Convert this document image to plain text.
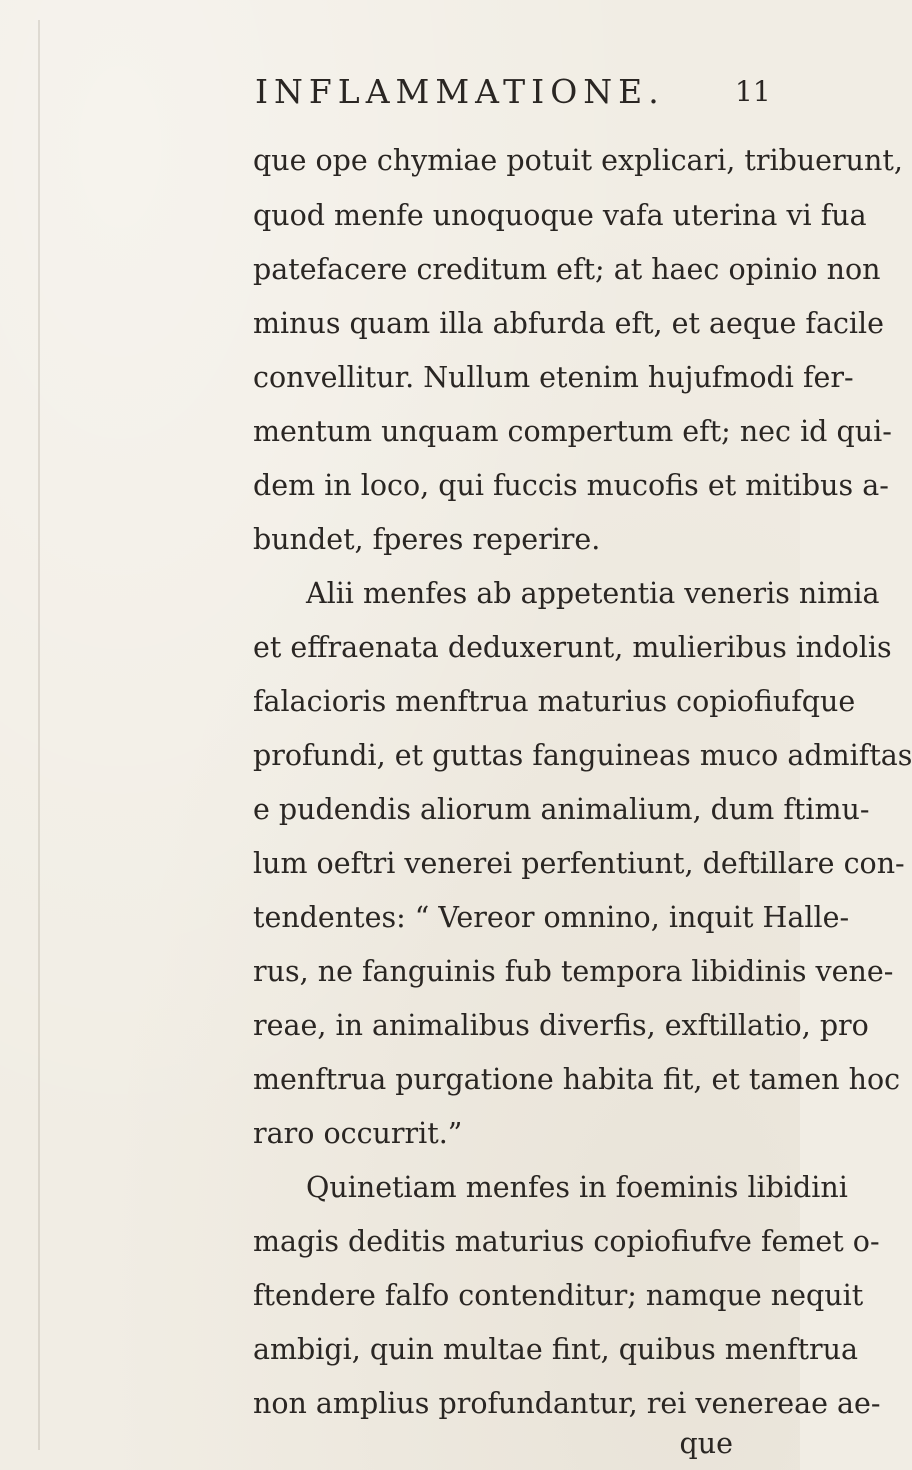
INFLAMMATIONE.	11
que ope chymiae potuit explicari, tribuerunt,
quod menfe unoquoque vafa uterina vi fua
patefacere creditum eft; at haec opinio non
minus quam illa abfurda eft, et aeque facile
convellitur. Nullum etenim hujufmodi fer-
mentum unquam compertum eft; nec id qui-
dem in loco, qui fuccis mucofis et mitibus a-
bundet, fperes reperire.
Alii menfes ab appetentia veneris nimia
et effraenata deduxerunt, mulieribus indolis
falacioris menftrua maturius copiofiufque
profundi, et guttas fanguineas muco admiftas
e pudendis aliorum animalium, dum ftimu-
lum oeftri venerei perfentiunt, deftillare con-
tendentes: “ Vereor omnino, inquit Halle-
rus, ne fanguinis fub tempora libidinis vene-
reae, in animalibus diverfis, exftillatio, pro
menftrua purgatione habita fit, et tamen hoc
raro occurrit.”
Quinetiam menfes in foeminis libidini
magis deditis maturius copiofiufve femet o-
ftendere falfo contenditur; namque nequit
ambigi, quin multae fint, quibus menftrua
non amplius profundantur, rei venereae ae-
que
